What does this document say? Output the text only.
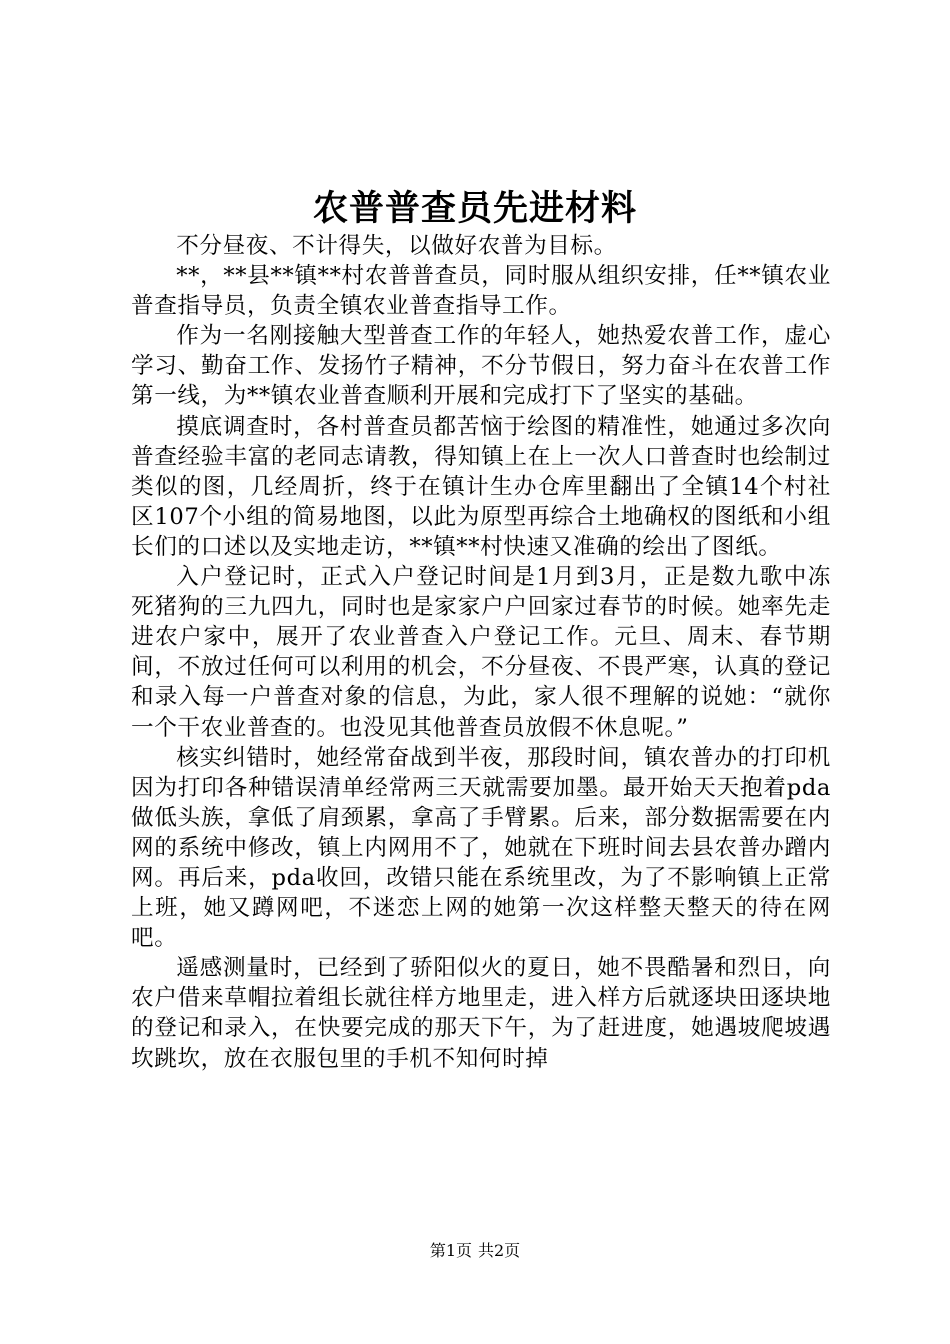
农普普查员先进材料

不分昼夜、不计得失，以做好农普为目标。

**，**县**镇**村农普普查员，同时服从组织安排，任**镇农业普查指导员，负责全镇农业普查指导工作。

作为一名刚接触大型普查工作的年轻人，她热爱农普工作，虚心学习、勤奋工作、发扬竹子精神，不分节假日，努力奋斗在农普工作第一线，为**镇农业普查顺利开展和完成打下了坚实的基础。

摸底调查时，各村普查员都苦恼于绘图的精准性，她通过多次向普查经验丰富的老同志请教，得知镇上在上一次人口普查时也绘制过类似的图，几经周折，终于在镇计生办仓库里翻出了全镇14个村社区107个小组的简易地图，以此为原型再综合土地确权的图纸和小组长们的口述以及实地走访，**镇**村快速又准确的绘出了图纸。

入户登记时，正式入户登记时间是1月到3月，正是数九歌中冻死猪狗的三九四九，同时也是家家户户回家过春节的时候。她率先走进农户家中，展开了农业普查入户登记工作。元旦、周末、春节期间，不放过任何可以利用的机会，不分昼夜、不畏严寒，认真的登记和录入每一户普查对象的信息，为此，家人很不理解的说她：“就你一个干农业普查的。也没见其他普查员放假不休息呢。”

核实纠错时，她经常奋战到半夜，那段时间，镇农普办的打印机因为打印各种错误清单经常两三天就需要加墨。最开始天天抱着pda做低头族，拿低了肩颈累，拿高了手臂累。后来，部分数据需要在内网的系统中修改，镇上内网用不了，她就在下班时间去县农普办蹭内网。再后来，pda收回，改错只能在系统里改，为了不影响镇上正常上班，她又蹲网吧，不迷恋上网的她第一次这样整天整天的待在网吧。

遥感测量时，已经到了骄阳似火的夏日，她不畏酷暑和烈日，向农户借来草帽拉着组长就往样方地里走，进入样方后就逐块田逐块地的登记和录入，在快要完成的那天下午，为了赶进度，她遇坡爬坡遇坎跳坎，放在衣服包里的手机不知何时掉

第1页 共2页
